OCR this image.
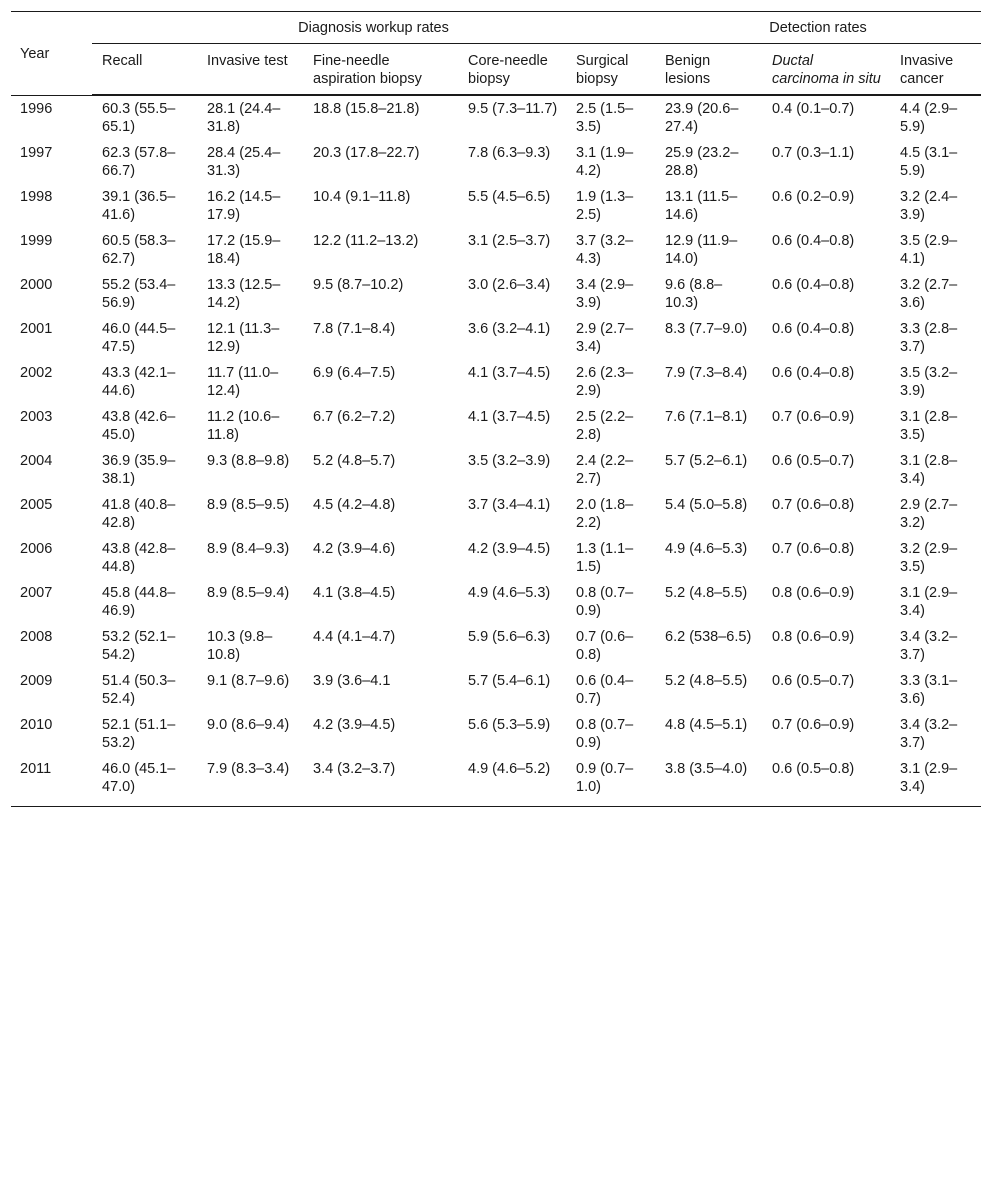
Year	Diagnosis workup rates					Detection rates		
	Recall	Invasive test	Fine-needle aspiration biopsy	Core-needle biopsy	Surgical biopsy	Benign lesions	Ductal carcinoma in situ	Invasive cancer
1996	60.3 (55.5–65.1)	28.1 (24.4–31.8)	18.8 (15.8–21.8)	9.5 (7.3–11.7)	2.5 (1.5–3.5)	23.9 (20.6–27.4)	0.4 (0.1–0.7)	4.4 (2.9–5.9)
1997	62.3 (57.8–66.7)	28.4 (25.4–31.3)	20.3 (17.8–22.7)	7.8 (6.3–9.3)	3.1 (1.9–4.2)	25.9 (23.2–28.8)	0.7 (0.3–1.1)	4.5 (3.1–5.9)
1998	39.1 (36.5–41.6)	16.2 (14.5–17.9)	10.4 (9.1–11.8)	5.5 (4.5–6.5)	1.9 (1.3–2.5)	13.1 (11.5–14.6)	0.6 (0.2–0.9)	3.2 (2.4–3.9)
1999	60.5 (58.3–62.7)	17.2 (15.9–18.4)	12.2 (11.2–13.2)	3.1 (2.5–3.7)	3.7 (3.2–4.3)	12.9 (11.9–14.0)	0.6 (0.4–0.8)	3.5 (2.9–4.1)
2000	55.2 (53.4–56.9)	13.3 (12.5–14.2)	9.5 (8.7–10.2)	3.0 (2.6–3.4)	3.4 (2.9–3.9)	9.6 (8.8–10.3)	0.6 (0.4–0.8)	3.2 (2.7–3.6)
2001	46.0 (44.5–47.5)	12.1 (11.3–12.9)	7.8 (7.1–8.4)	3.6 (3.2–4.1)	2.9 (2.7–3.4)	8.3 (7.7–9.0)	0.6 (0.4–0.8)	3.3 (2.8–3.7)
2002	43.3 (42.1–44.6)	11.7 (11.0–12.4)	6.9 (6.4–7.5)	4.1 (3.7–4.5)	2.6 (2.3–2.9)	7.9 (7.3–8.4)	0.6 (0.4–0.8)	3.5 (3.2–3.9)
2003	43.8 (42.6–45.0)	11.2 (10.6–11.8)	6.7 (6.2–7.2)	4.1 (3.7–4.5)	2.5 (2.2–2.8)	7.6 (7.1–8.1)	0.7 (0.6–0.9)	3.1 (2.8–3.5)
2004	36.9 (35.9–38.1)	9.3 (8.8–9.8)	5.2 (4.8–5.7)	3.5 (3.2–3.9)	2.4 (2.2–2.7)	5.7 (5.2–6.1)	0.6 (0.5–0.7)	3.1 (2.8–3.4)
2005	41.8 (40.8–42.8)	8.9 (8.5–9.5)	4.5 (4.2–4.8)	3.7 (3.4–4.1)	2.0 (1.8–2.2)	5.4 (5.0–5.8)	0.7 (0.6–0.8)	2.9 (2.7–3.2)
2006	43.8 (42.8–44.8)	8.9 (8.4–9.3)	4.2 (3.9–4.6)	4.2 (3.9–4.5)	1.3 (1.1–1.5)	4.9 (4.6–5.3)	0.7 (0.6–0.8)	3.2 (2.9–3.5)
2007	45.8 (44.8–46.9)	8.9 (8.5–9.4)	4.1 (3.8–4.5)	4.9 (4.6–5.3)	0.8 (0.7–0.9)	5.2 (4.8–5.5)	0.8 (0.6–0.9)	3.1 (2.9–3.4)
2008	53.2 (52.1–54.2)	10.3 (9.8–10.8)	4.4 (4.1–4.7)	5.9 (5.6–6.3)	0.7 (0.6–0.8)	6.2 (538–6.5)	0.8 (0.6–0.9)	3.4 (3.2–3.7)
2009	51.4 (50.3–52.4)	9.1 (8.7–9.6)	3.9 (3.6–4.1	5.7 (5.4–6.1)	0.6 (0.4–0.7)	5.2 (4.8–5.5)	0.6 (0.5–0.7)	3.3 (3.1–3.6)
2010	52.1 (51.1–53.2)	9.0 (8.6–9.4)	4.2 (3.9–4.5)	5.6 (5.3–5.9)	0.8 (0.7–0.9)	4.8 (4.5–5.1)	0.7 (0.6–0.9)	3.4 (3.2–3.7)
2011	46.0 (45.1–47.0)	7.9 (8.3–3.4)	3.4 (3.2–3.7)	4.9 (4.6–5.2)	0.9 (0.7–1.0)	3.8 (3.5–4.0)	0.6 (0.5–0.8)	3.1 (2.9–3.4)
